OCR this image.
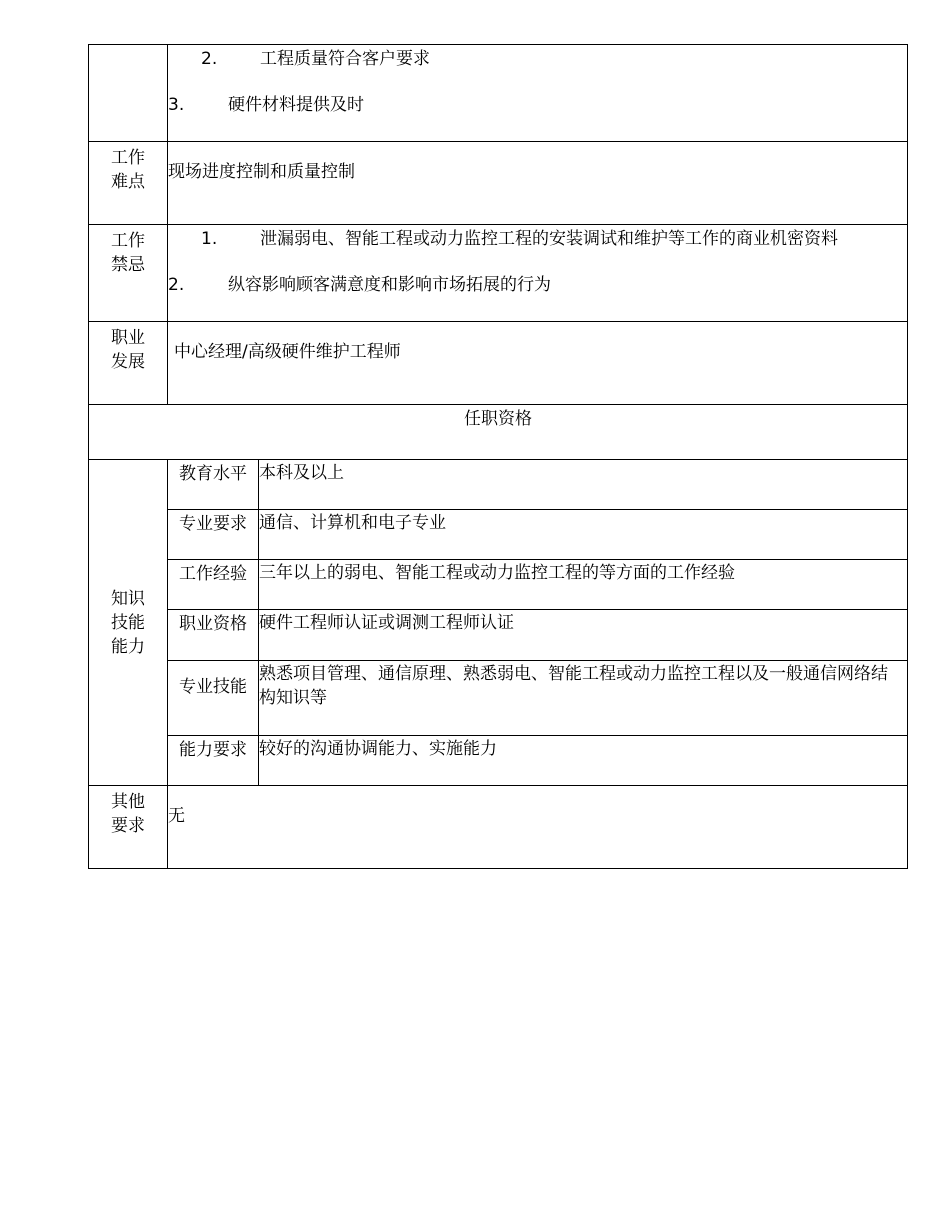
	2. 工程质量符合客户要求
3. 硬件材料提供及时	

工作
难点	现场进度控制和质量控制	

工作
禁忌	1. 泄漏弱电、智能工程或动力监控工程的安装调试和维护等工作的商业机密资料
2. 纵容影响顾客满意度和影响市场拓展的行为	

职业
发展	中心经理/高级硬件维护工程师	

任职资格		

知识
技能
能力	教育水平	本科及以上
	专业要求	通信、计算机和电子专业
	工作经验	三年以上的弱电、智能工程或动力监控工程的等方面的工作经验
	职业资格	硬件工程师认证或调测工程师认证
	专业技能	熟悉项目管理、通信原理、熟悉弱电、智能工程或动力监控工程以及一般通信网络结构知识等
	能力要求	较好的沟通协调能力、实施能力

其他
要求	无	
